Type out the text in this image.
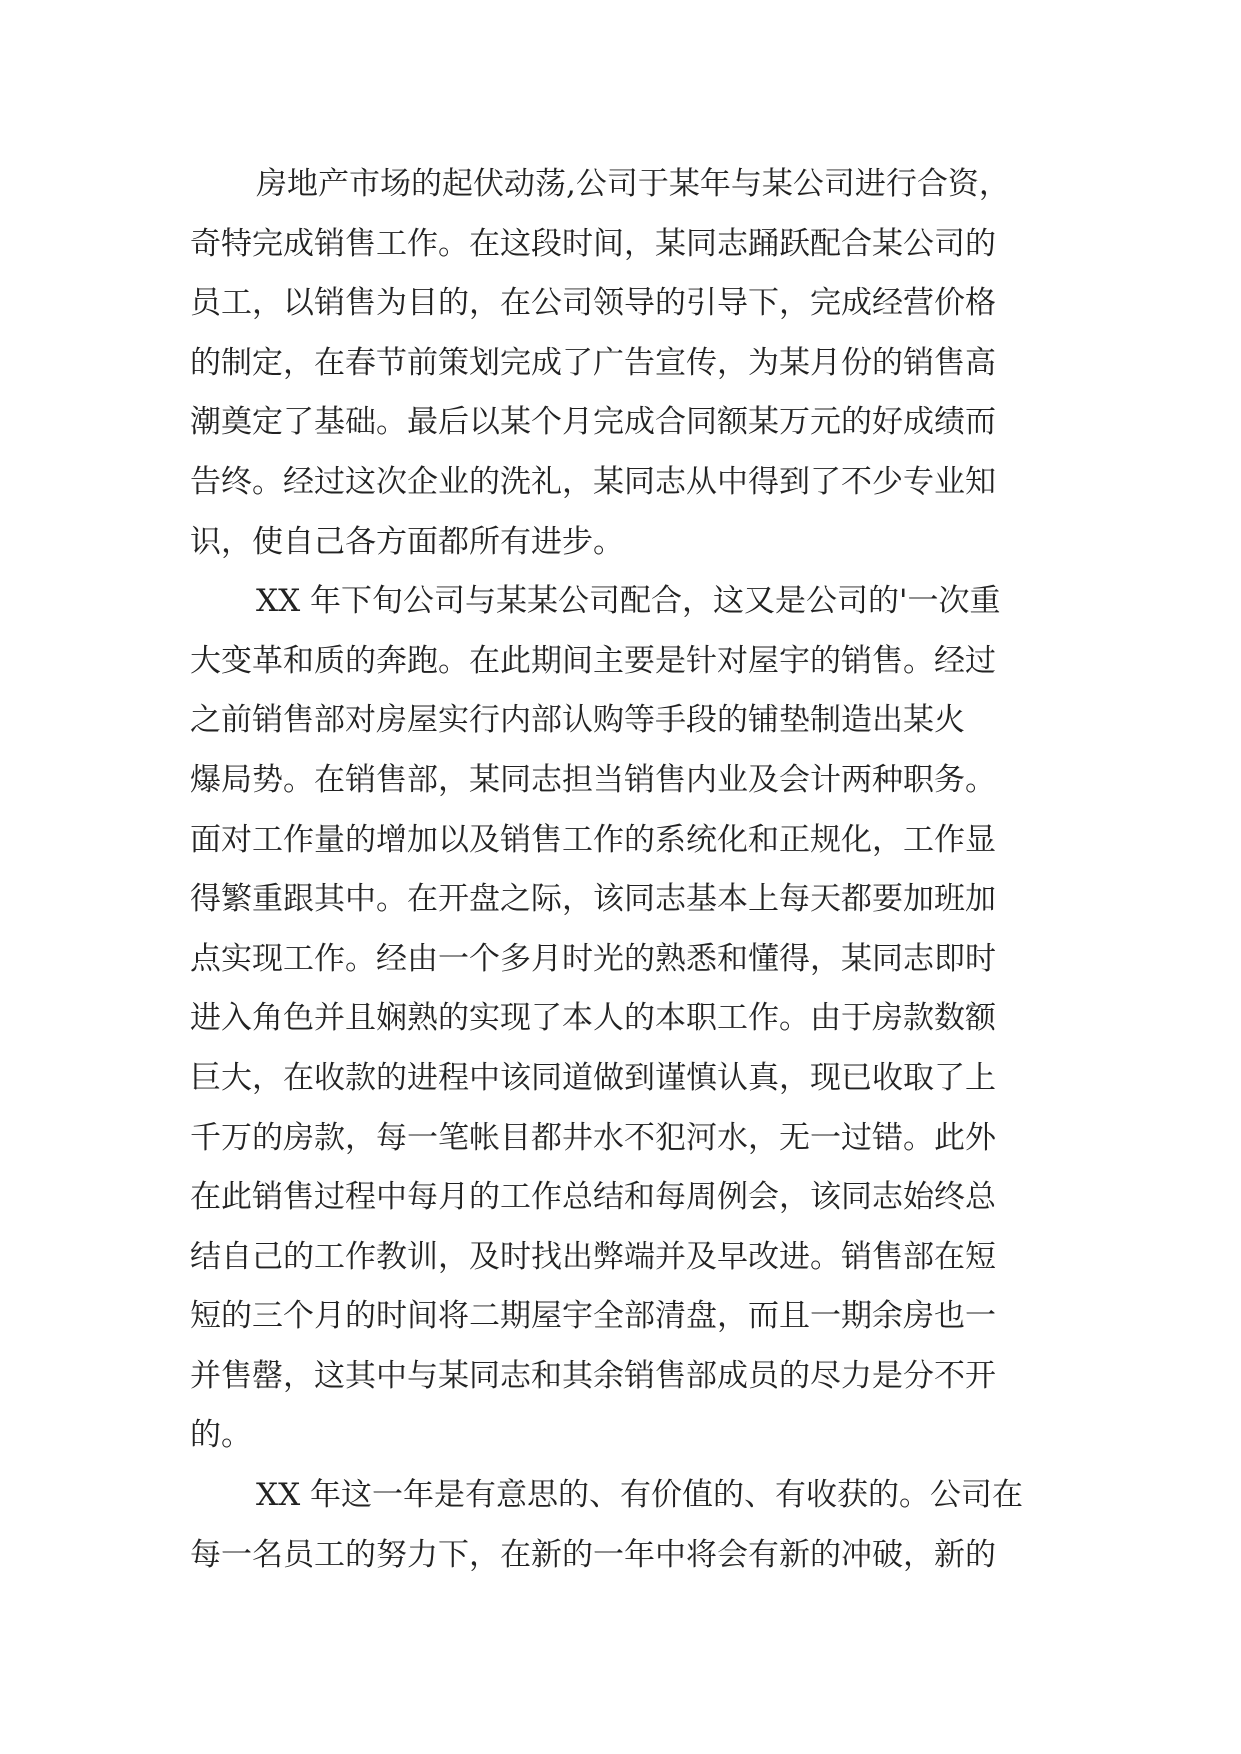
房地产市场的起伏动荡,公司于某年与某公司进行合资，
奇特完成销售工作。在这段时间，某同志踊跃配合某公司的
员工，以销售为目的，在公司领导的引导下，完成经营价格
的制定，在春节前策划完成了广告宣传，为某月份的销售高
潮奠定了基础。最后以某个月完成合同额某万元的好成绩而
告终。经过这次企业的洗礼，某同志从中得到了不少专业知
识，使自己各方面都所有进步。
XX 年下旬公司与某某公司配合，这又是公司的'一次重
大变革和质的奔跑。在此期间主要是针对屋宇的销售。经过
之前销售部对房屋实行内部认购等手段的铺垫制造出某火
爆局势。在销售部，某同志担当销售内业及会计两种职务。
面对工作量的增加以及销售工作的系统化和正规化，工作显
得繁重跟其中。在开盘之际，该同志基本上每天都要加班加
点实现工作。经由一个多月时光的熟悉和懂得，某同志即时
进入角色并且娴熟的实现了本人的本职工作。由于房款数额
巨大，在收款的进程中该同道做到谨慎认真，现已收取了上
千万的房款，每一笔帐目都井水不犯河水，无一过错。此外
在此销售过程中每月的工作总结和每周例会，该同志始终总
结自己的工作教训，及时找出弊端并及早改进。销售部在短
短的三个月的时间将二期屋宇全部清盘，而且一期余房也一
并售罄，这其中与某同志和其余销售部成员的尽力是分不开
的。
XX 年这一年是有意思的、有价值的、有收获的。公司在
每一名员工的努力下，在新的一年中将会有新的冲破，新的
